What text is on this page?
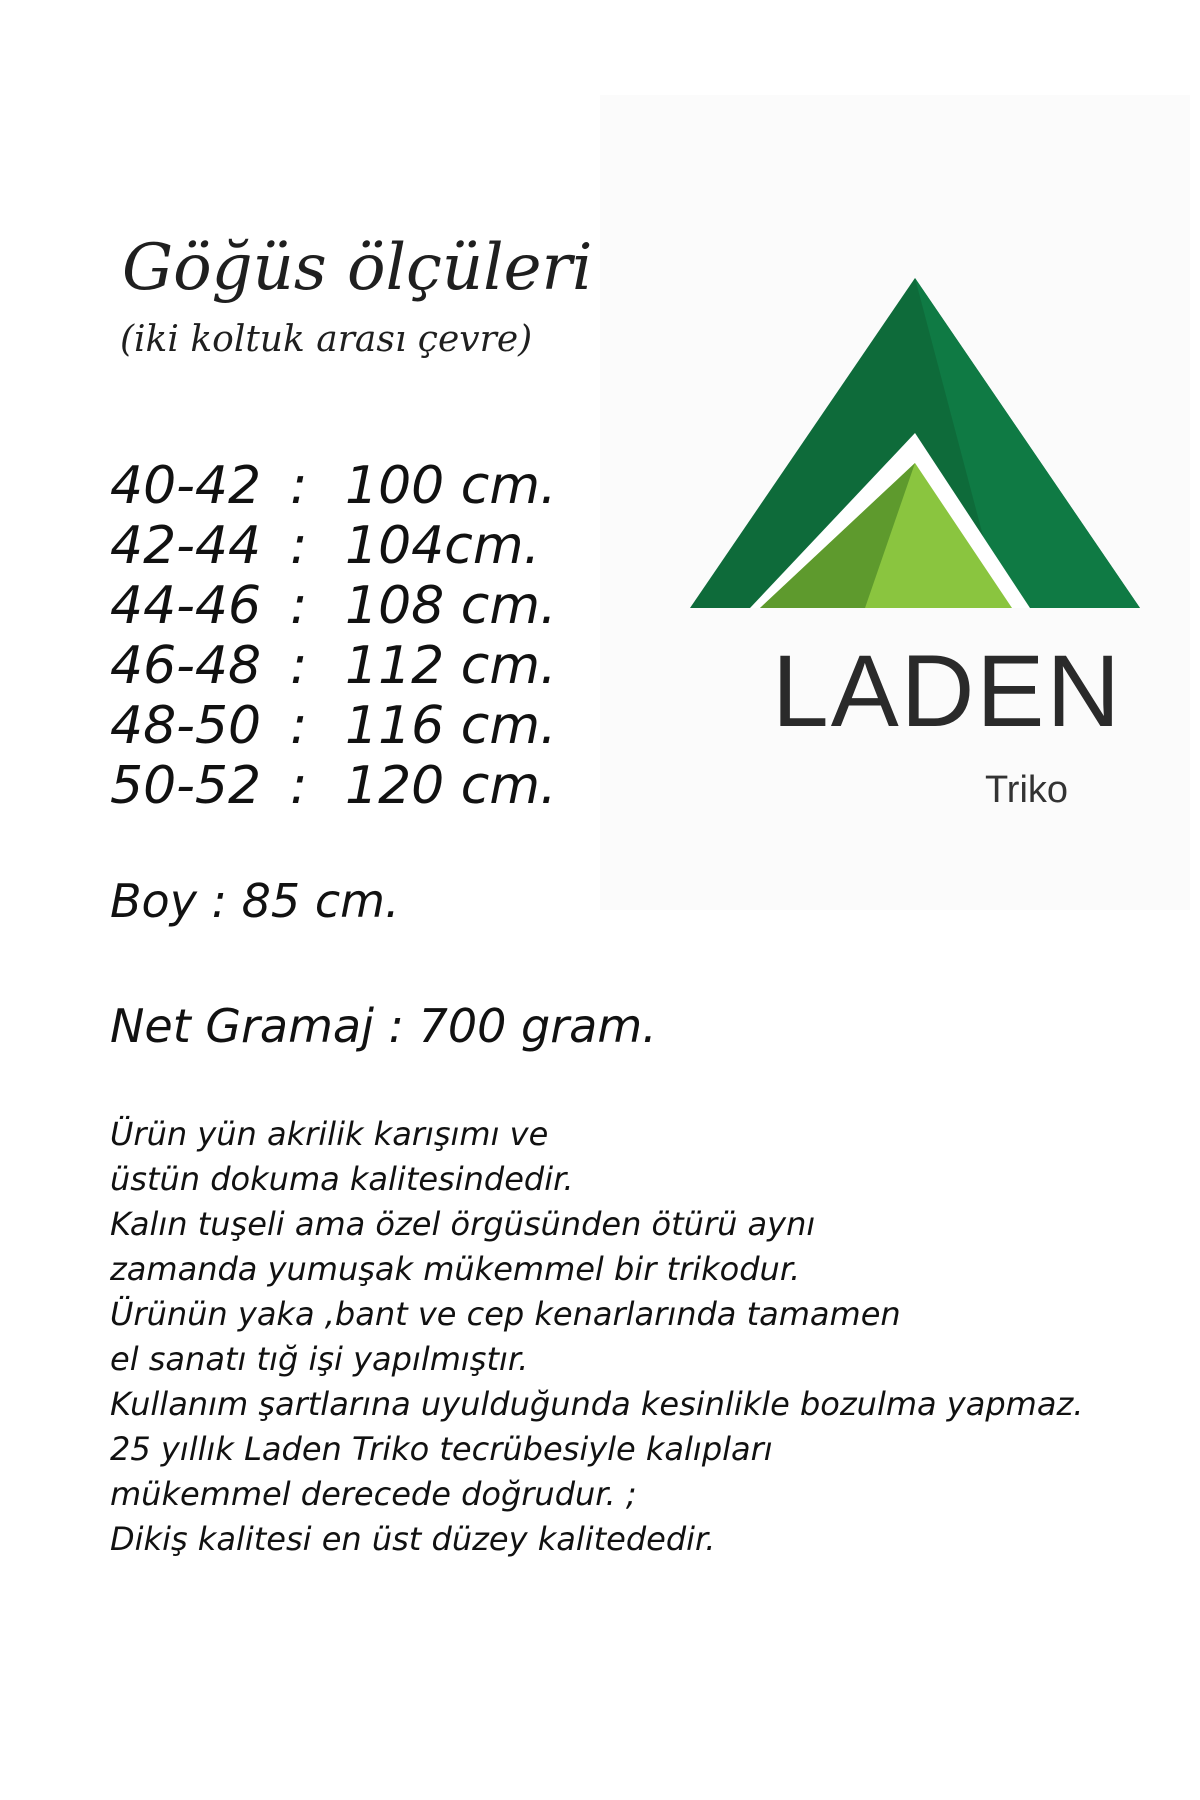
Göğüs ölçüleri
(iki koltuk arası çevre)
40-42 : 100 cm.
42-44 : 104cm.
44-46 : 108 cm.
46-48 : 112 cm.
48-50 : 116 cm.
50-52 : 120 cm.
Boy : 85 cm.
Net Gramaj : 700 gram.
Ürün yün akrilik karışımı ve
üstün dokuma kalitesindedir.
Kalın tuşeli ama özel örgüsünden ötürü aynı
zamanda yumuşak mükemmel bir trikodur.
Ürünün yaka ,bant ve cep kenarlarında tamamen
el sanatı tığ işi yapılmıştır.
Kullanım şartlarına uyulduğunda kesinlikle bozulma yapmaz.
25 yıllık Laden Triko tecrübesiyle kalıpları
mükemmel derecede doğrudur. ;
Dikiş kalitesi en üst düzey kalitededir.
LADEN
Triko
